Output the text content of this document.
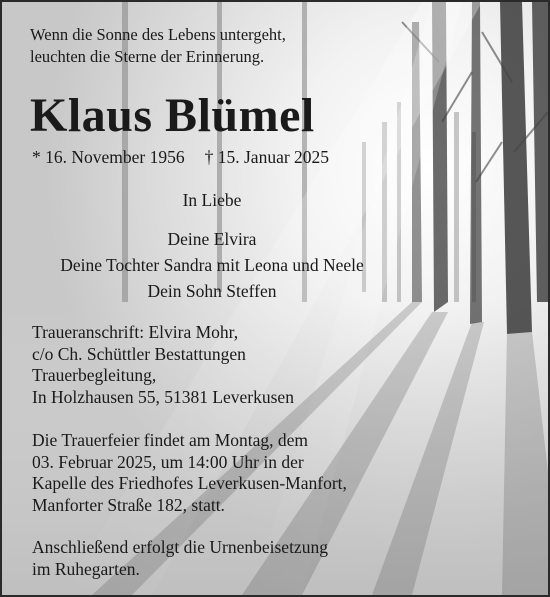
Wenn die Sonne des Lebens untergeht,
leuchten die Sterne der Erinnerung.
Klaus Blümel
* 16. November 1956 † 15. Januar 2025
In Liebe
Deine Elvira
Deine Tochter Sandra mit Leona und Neele
Dein Sohn Steffen
Traueranschrift: Elvira Mohr,
c/o Ch. Schüttler Bestattungen
Trauerbegleitung,
In Holzhausen 55, 51381 Leverkusen
Die Trauerfeier findet am Montag, dem
03. Februar 2025, um 14:00 Uhr in der
Kapelle des Friedhofes Leverkusen-Manfort,
Manforter Straße 182, statt.
Anschließend erfolgt die Urnenbeisetzung
im Ruhegarten.
